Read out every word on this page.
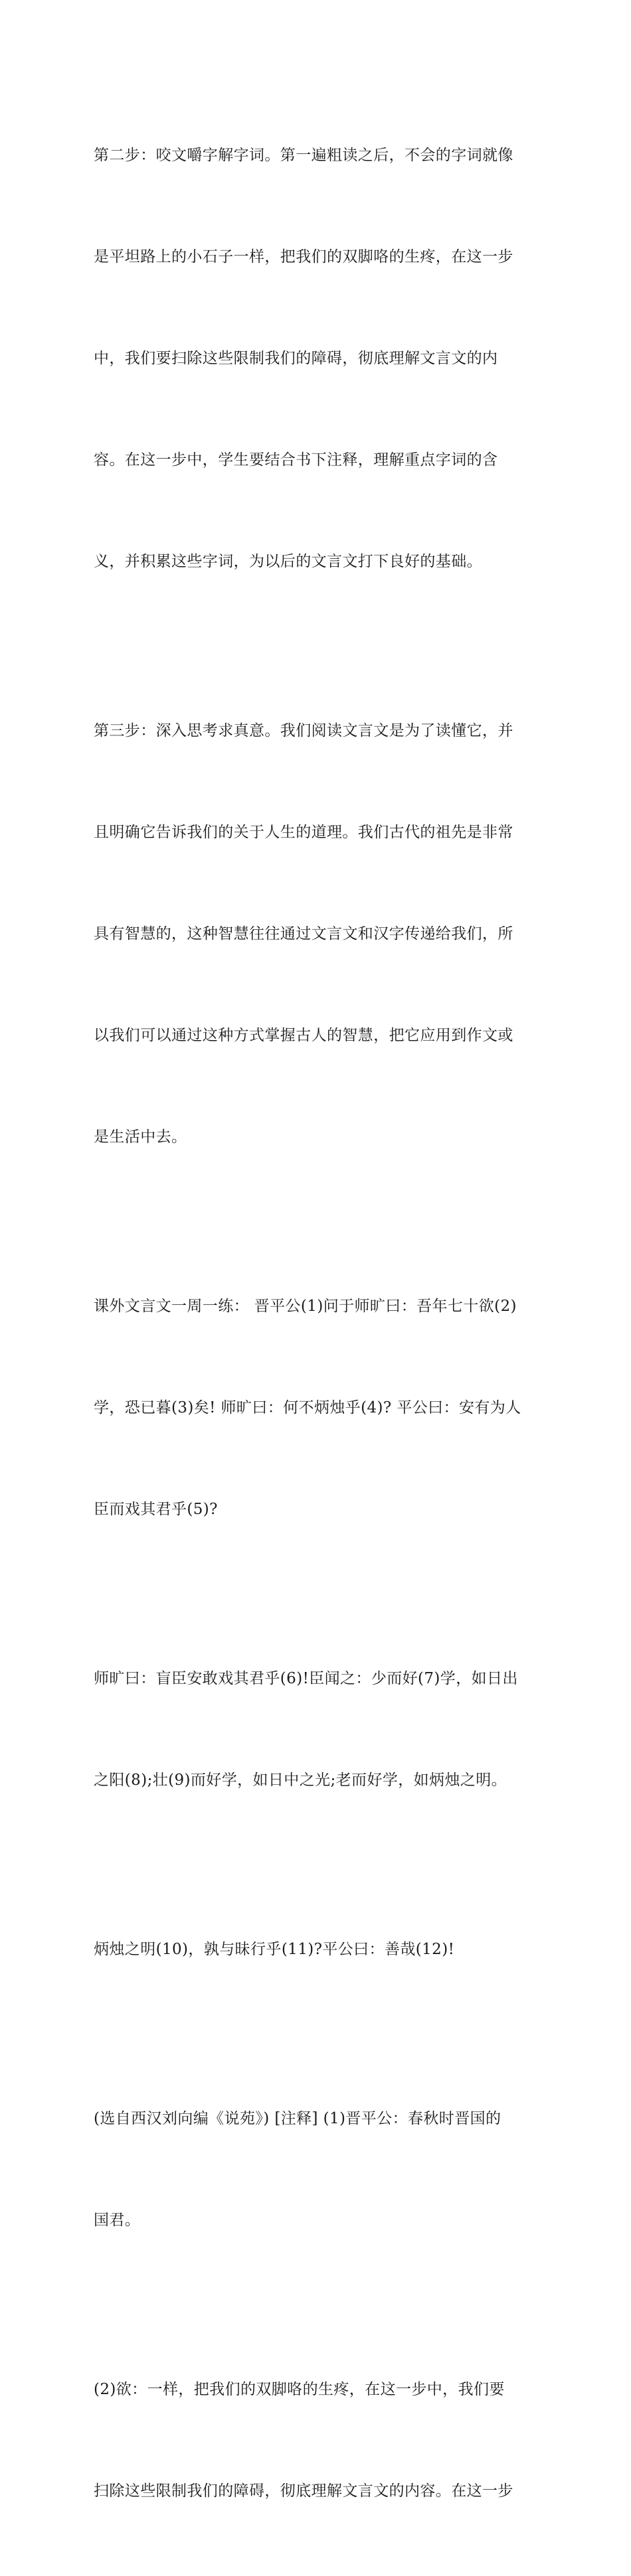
第二步：咬文嚼字解字词。第一遍粗读之后，不会的字词就像

是平坦路上的小石子一样，把我们的双脚咯的生疼，在这一步

中，我们要扫除这些限制我们的障碍，彻底理解文言文的内

容。在这一步中，学生要结合书下注释，理解重点字词的含

义，并积累这些字词，为以后的文言文打下良好的基础。

第三步：深入思考求真意。我们阅读文言文是为了读懂它，并

且明确它告诉我们的关于人生的道理。我们古代的祖先是非常

具有智慧的，这种智慧往往通过文言文和汉字传递给我们，所

以我们可以通过这种方式掌握古人的智慧，把它应用到作文或

是生活中去。

课外文言文一周一练： 晋平公(1)问于师旷曰：吾年七十欲(2)

学，恐已暮(3)矣! 师旷曰：何不炳烛乎(4)? 平公曰：安有为人

臣而戏其君乎(5)?

师旷曰：盲臣安敢戏其君乎(6)!臣闻之：少而好(7)学，如日出

之阳(8);壮(9)而好学，如日中之光;老而好学，如炳烛之明。

炳烛之明(10)，孰与昧行乎(11)?平公曰：善哉(12)!

(选自西汉刘向编《说苑》) [注释] (1)晋平公：春秋时晋国的

国君。

(2)欲：一样，把我们的双脚咯的生疼，在这一步中，我们要

扫除这些限制我们的障碍，彻底理解文言文的内容。在这一步
